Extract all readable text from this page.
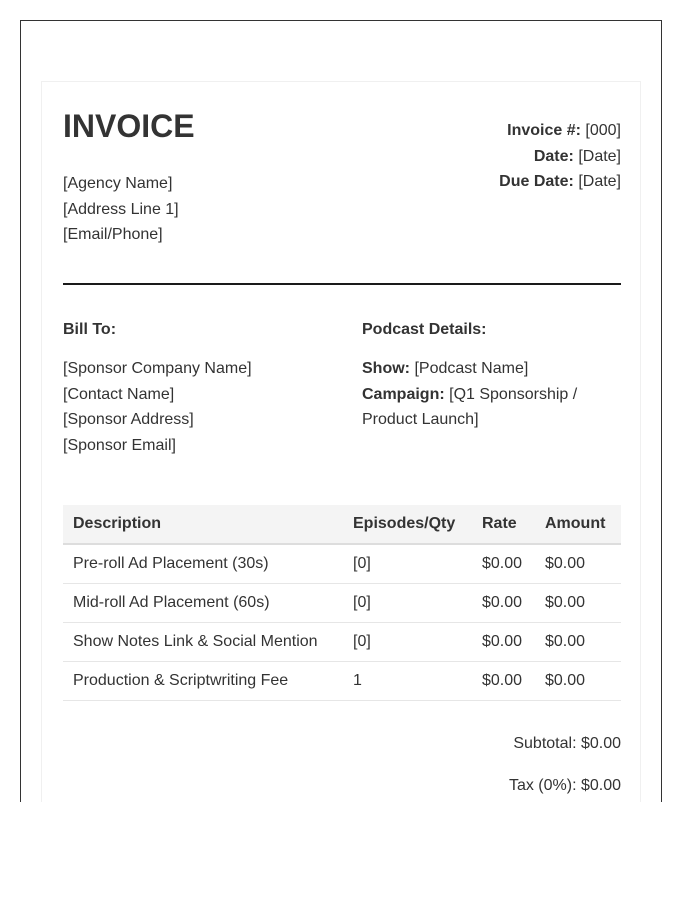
INVOICE
[Agency Name]
[Address Line 1]
[Email/Phone]
Invoice #: [000]
Date: [Date]
Due Date: [Date]
Bill To:
[Sponsor Company Name]
[Contact Name]
[Sponsor Address]
[Sponsor Email]
Podcast Details:
Show: [Podcast Name]
Campaign: [Q1 Sponsorship / Product Launch]
Description	Episodes/Qty	Rate	Amount
Pre-roll Ad Placement (30s)	[0]	$0.00	$0.00
Mid-roll Ad Placement (60s)	[0]	$0.00	$0.00
Show Notes Link & Social Mention	[0]	$0.00	$0.00
Production & Scriptwriting Fee	1	$0.00	$0.00
Subtotal: $0.00
Tax (0%): $0.00
